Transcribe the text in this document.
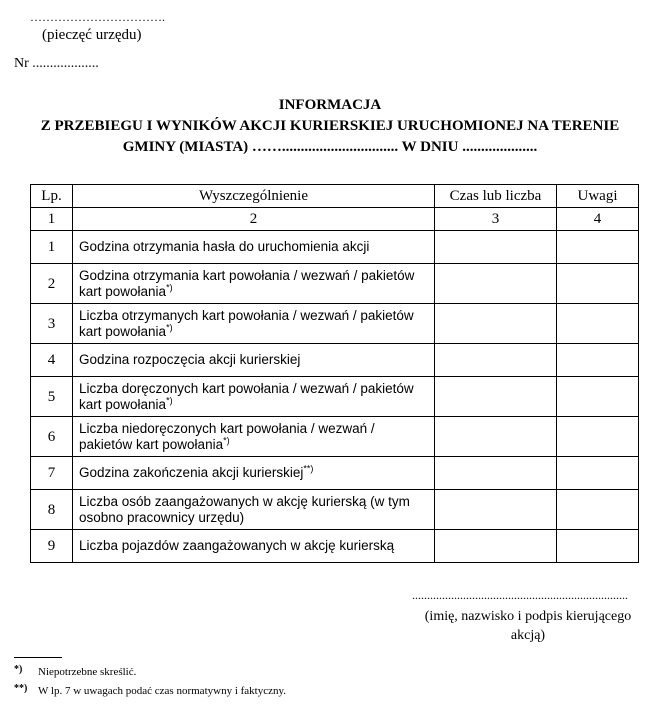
…………………………….
(pieczęć urzędu)
Nr ...................
INFORMACJA
Z PRZEBIEGU I WYNIKÓW AKCJI KURIERSKIEJ URUCHOMIONEJ NA TERENIE
GMINY (MIASTA) ……............................... W DNIU ....................
Lp.	Wyszczególnienie	Czas lub liczba	Uwagi
1	2	3	4
1	Godzina otrzymania hasła do uruchomienia akcji		
2	Godzina otrzymania kart powołania / wezwań / pakietów kart powołania*)		
3	Liczba otrzymanych kart powołania / wezwań / pakietów kart powołania*)		
4	Godzina rozpoczęcia akcji kurierskiej		
5	Liczba doręczonych kart powołania / wezwań / pakietów kart powołania*)		
6	Liczba niedoręczonych kart powołania / wezwań / pakietów kart powołania*)		
7	Godzina zakończenia akcji kurierskiej**)		
8	Liczba osób zaangażowanych w akcję kurierską (w tym osobno pracownicy urzędu)		
9	Liczba pojazdów zaangażowanych w akcję kurierską		
........................................................................
(imię, nazwisko i podpis kierującego akcją)
*) Niepotrzebne skreślić.
**) W lp. 7 w uwagach podać czas normatywny i faktyczny.
